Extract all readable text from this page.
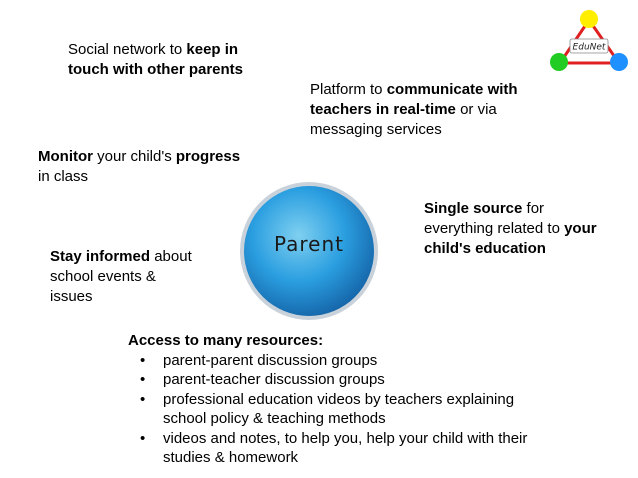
EduNet
Social network to keep in
touch with other parents
Platform to communicate with
teachers in real-time or via
messaging services
Monitor your child's progress
in class
Single source for
everything related to your
child's education
Stay informed about
school events &
issues
Parent
Access to many resources:
• parent-parent discussion groups
• parent-teacher discussion groups
• professional education videos by teachers explaining
school policy & teaching methods
• videos and notes, to help you, help your child with their
studies & homework
